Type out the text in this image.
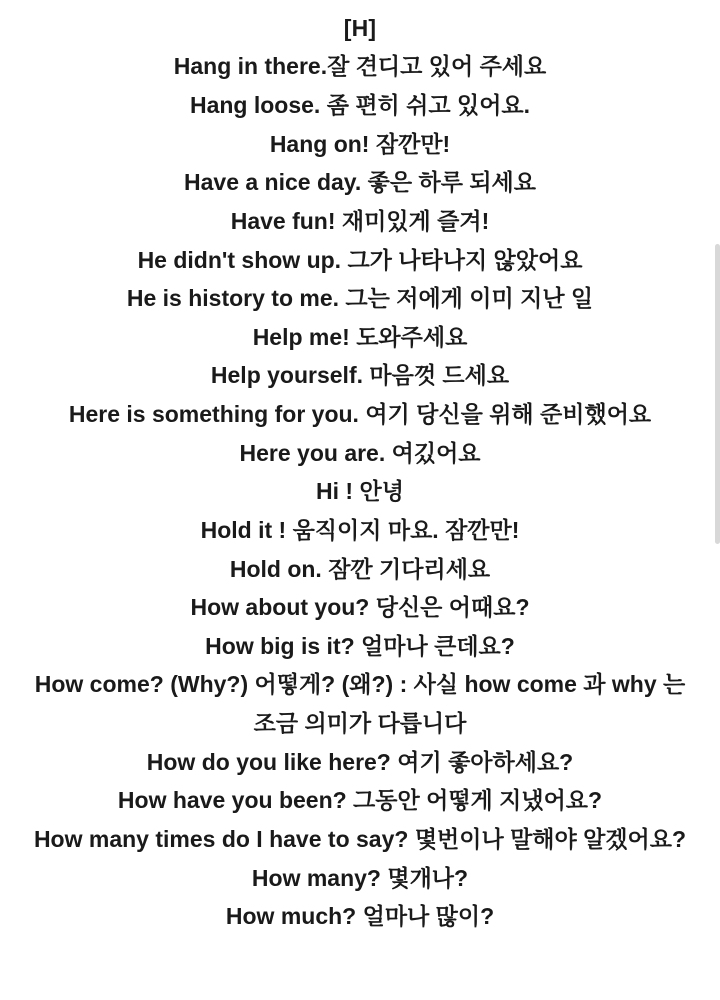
[H]
Hang in there.잘 견디고 있어 주세요
Hang loose. 좀 편히 쉬고 있어요.
Hang on! 잠깐만!
Have a nice day. 좋은 하루 되세요
Have fun! 재미있게 즐겨!
He didn't show up. 그가 나타나지 않았어요
He is history to me. 그는 저에게 이미 지난 일
Help me! 도와주세요
Help yourself. 마음껏 드세요
Here is something for you. 여기 당신을 위해 준비했어요
Here you are. 여깄어요
Hi ! 안녕
Hold it ! 움직이지 마요. 잠깐만!
Hold on. 잠깐 기다리세요
How about you? 당신은 어때요?
How big is it? 얼마나 큰데요?
How come? (Why?) 어떻게? (왜?) : 사실 how come 과 why 는 조금 의미가 다릅니다
How do you like here? 여기 좋아하세요?
How have you been? 그동안 어떻게 지냈어요?
How many times do I have to say? 몇번이나 말해야 알겠어요?
How many? 몇개나?
How much? 얼마나 많이?
